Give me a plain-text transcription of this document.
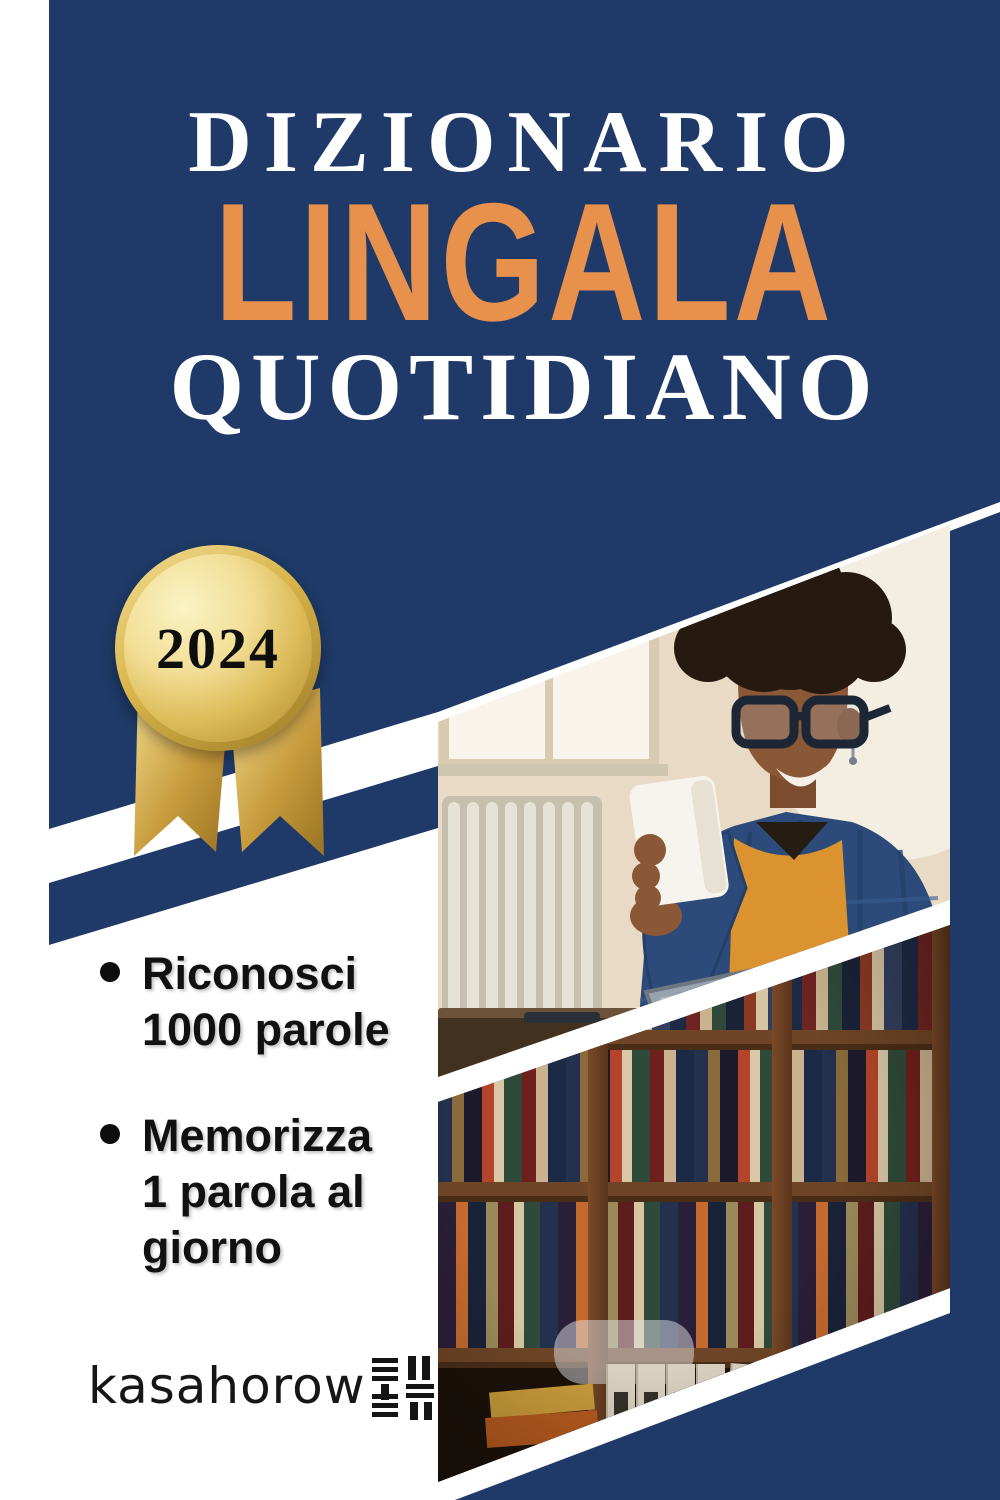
DIZIONARIO
LINGALA
QUOTIDIANO
2024
Riconosci
1000 parole
Memorizza
1 parola al
giorno
kasahorow
